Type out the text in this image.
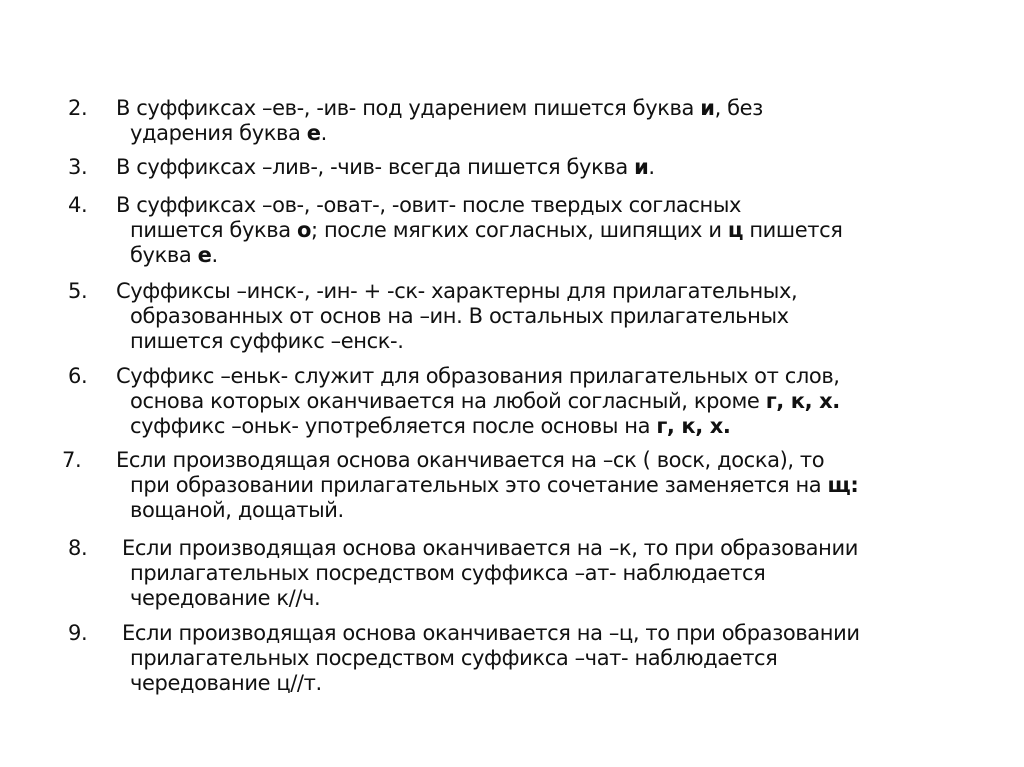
2.	В суффиксах –ев-, -ив- под ударением пишется буква и, без
ударения буква е.

3.	В суффиксах –лив-, -чив- всегда пишется буква и.

4.	В суффиксах –ов-, -оват-, -овит- после твердых согласных
пишется буква о; после мягких согласных, шипящих и ц пишется
буква е.

5.	Суффиксы –инск-, -ин- + -ск- характерны для прилагательных,
образованных от основ на –ин. В остальных прилагательных
пишется суффикс –енск-.

6.	Суффикс –еньк- служит для образования прилагательных от слов,
основа которых оканчивается на любой согласный, кроме г, к, х.
суффикс –оньк- употребляется после основы на г, к, х.

7.	Если производящая основа оканчивается на –ск ( воск, доска), то
при образовании прилагательных это сочетание заменяется на щ:
вощаной, дощатый.

8.	Если производящая основа оканчивается на –к, то при образовании
прилагательных посредством суффикса –ат- наблюдается
чередование к//ч.

9.	Если производящая основа оканчивается на –ц, то при образовании
прилагательных посредством суффикса –чат- наблюдается
чередование ц//т.
